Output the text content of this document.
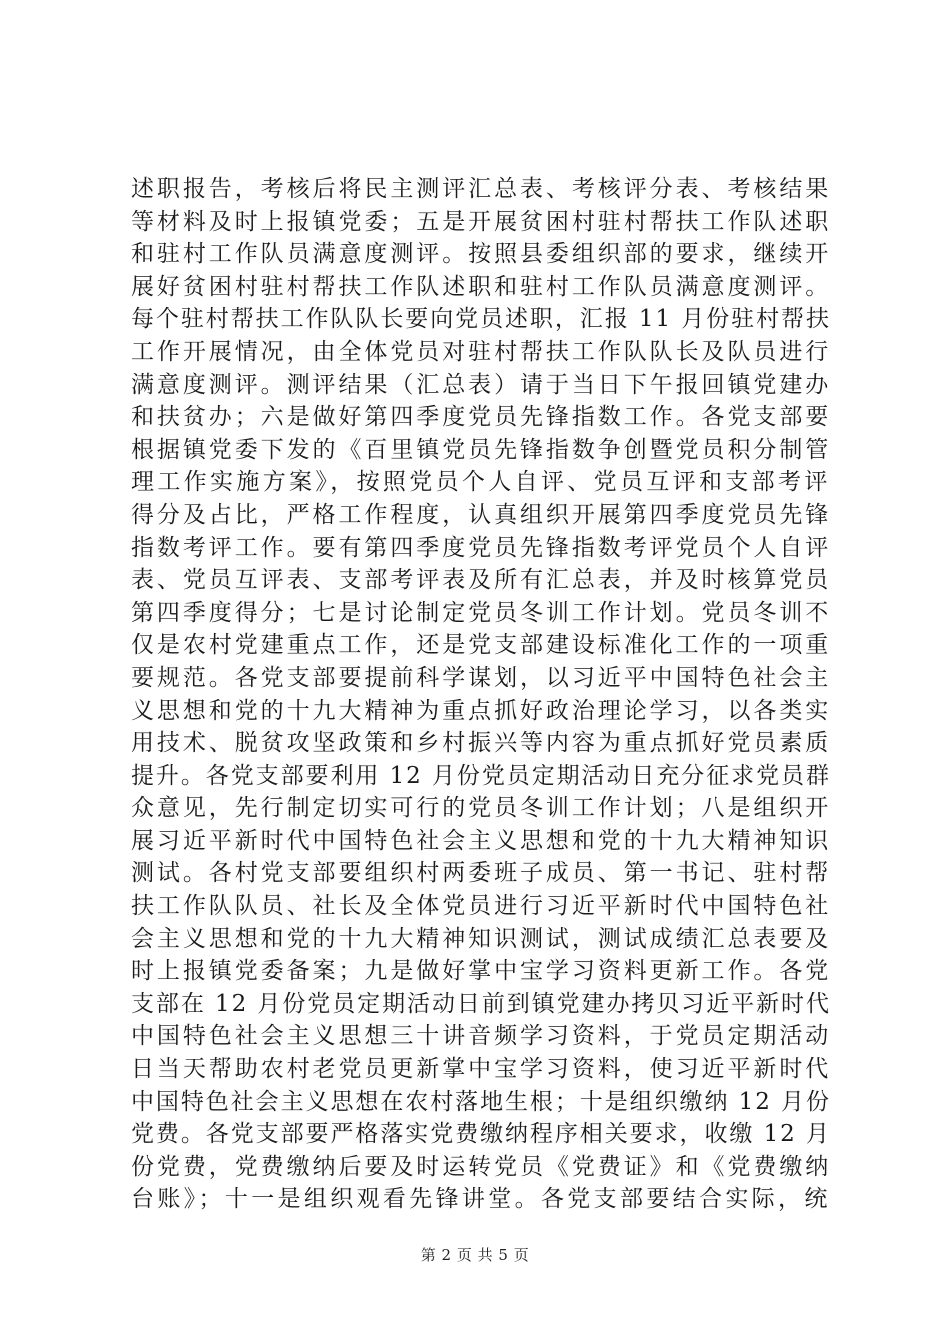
述职报告，考核后将民主测评汇总表、考核评分表、考核结果
等材料及时上报镇党委；五是开展贫困村驻村帮扶工作队述职
和驻村工作队员满意度测评。按照县委组织部的要求，继续开
展好贫困村驻村帮扶工作队述职和驻村工作队员满意度测评。
每个驻村帮扶工作队队长要向党员述职，汇报 11 月份驻村帮扶
工作开展情况，由全体党员对驻村帮扶工作队队长及队员进行
满意度测评。测评结果（汇总表）请于当日下午报回镇党建办
和扶贫办；六是做好第四季度党员先锋指数工作。各党支部要
根据镇党委下发的《百里镇党员先锋指数争创暨党员积分制管
理工作实施方案》，按照党员个人自评、党员互评和支部考评
得分及占比，严格工作程度，认真组织开展第四季度党员先锋
指数考评工作。要有第四季度党员先锋指数考评党员个人自评
表、党员互评表、支部考评表及所有汇总表，并及时核算党员
第四季度得分；七是讨论制定党员冬训工作计划。党员冬训不
仅是农村党建重点工作，还是党支部建设标准化工作的一项重
要规范。各党支部要提前科学谋划，以习近平中国特色社会主
义思想和党的十九大精神为重点抓好政治理论学习，以各类实
用技术、脱贫攻坚政策和乡村振兴等内容为重点抓好党员素质
提升。各党支部要利用 12 月份党员定期活动日充分征求党员群
众意见，先行制定切实可行的党员冬训工作计划；八是组织开
展习近平新时代中国特色社会主义思想和党的十九大精神知识
测试。各村党支部要组织村两委班子成员、第一书记、驻村帮
扶工作队队员、社长及全体党员进行习近平新时代中国特色社
会主义思想和党的十九大精神知识测试，测试成绩汇总表要及
时上报镇党委备案；九是做好掌中宝学习资料更新工作。各党
支部在 12 月份党员定期活动日前到镇党建办拷贝习近平新时代
中国特色社会主义思想三十讲音频学习资料，于党员定期活动
日当天帮助农村老党员更新掌中宝学习资料，使习近平新时代
中国特色社会主义思想在农村落地生根；十是组织缴纳 12 月份
党费。各党支部要严格落实党费缴纳程序相关要求，收缴 12 月
份党费，党费缴纳后要及时运转党员《党费证》和《党费缴纳
台账》；十一是组织观看先锋讲堂。各党支部要结合实际，统
第 2 页 共 5 页
